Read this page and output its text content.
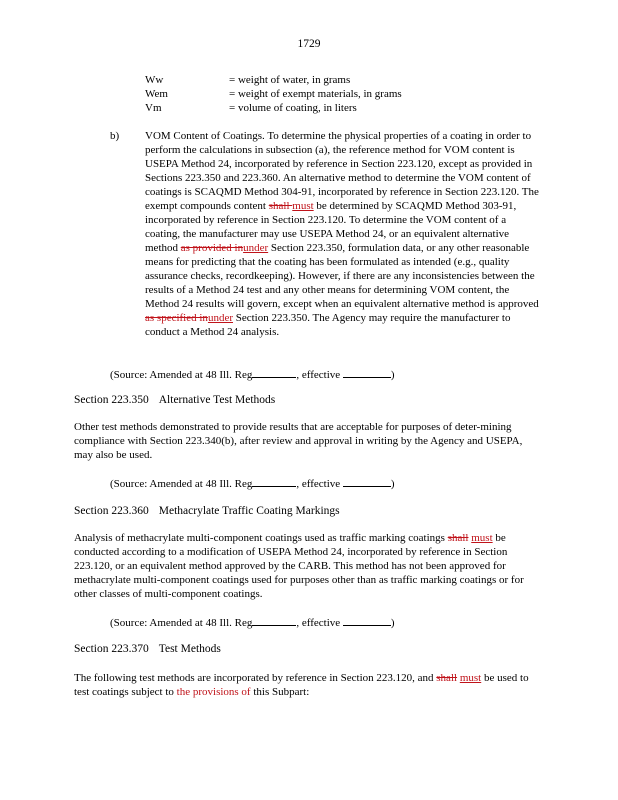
1729
Ww	= weight of water, in grams
Wem	= weight of exempt materials, in grams
Vm	= volume of coating, in liters
b) VOM Content of Coatings. To determine the physical properties of a coating in order to perform the calculations in subsection (a), the reference method for VOM content is USEPA Method 24, incorporated by reference in Section 223.120, except as provided in Sections 223.350 and 223.360. An alternative method to determine the VOM content of coatings is SCAQMD Method 304-91, incorporated by reference in Section 223.120. The exempt compounds content shall must be determined by SCAQMD Method 303-91, incorporated by reference in Section 223.120. To determine the VOM content of a coating, the manufacturer may use USEPA Method 24, or an equivalent alternative method as provided inunder Section 223.350, formulation data, or any other reasonable means for predicting that the coating has been formulated as intended (e.g., quality assurance checks, recordkeeping). However, if there are any inconsistencies between the results of a Method 24 test and any other means for determining VOM content, the Method 24 results will govern, except when an equivalent alternative method is approved as specified inunder Section 223.350. The Agency may require the manufacturer to conduct a Method 24 analysis.
(Source: Amended at 48 Ill. Reg	, effective	)
Section 223.350 Alternative Test Methods
Other test methods demonstrated to provide results that are acceptable for purposes of deter-mining compliance with Section 223.340(b), after review and approval in writing by the Agency and USEPA, may also be used.
(Source: Amended at 48 Ill. Reg	, effective	)
Section 223.360 Methacrylate Traffic Coating Markings
Analysis of methacrylate multi-component coatings used as traffic marking coatings shall must be conducted according to a modification of USEPA Method 24, incorporated by reference in Section 223.120, or an equivalent method approved by the CARB. This method has not been approved for methacrylate multi-component coatings used for purposes other than as traffic marking coatings or for other classes of multi-component coatings.
(Source: Amended at 48 Ill. Reg	, effective	)
Section 223.370 Test Methods
The following test methods are incorporated by reference in Section 223.120, and shall must be used to test coatings subject to the provisions of this Subpart:
